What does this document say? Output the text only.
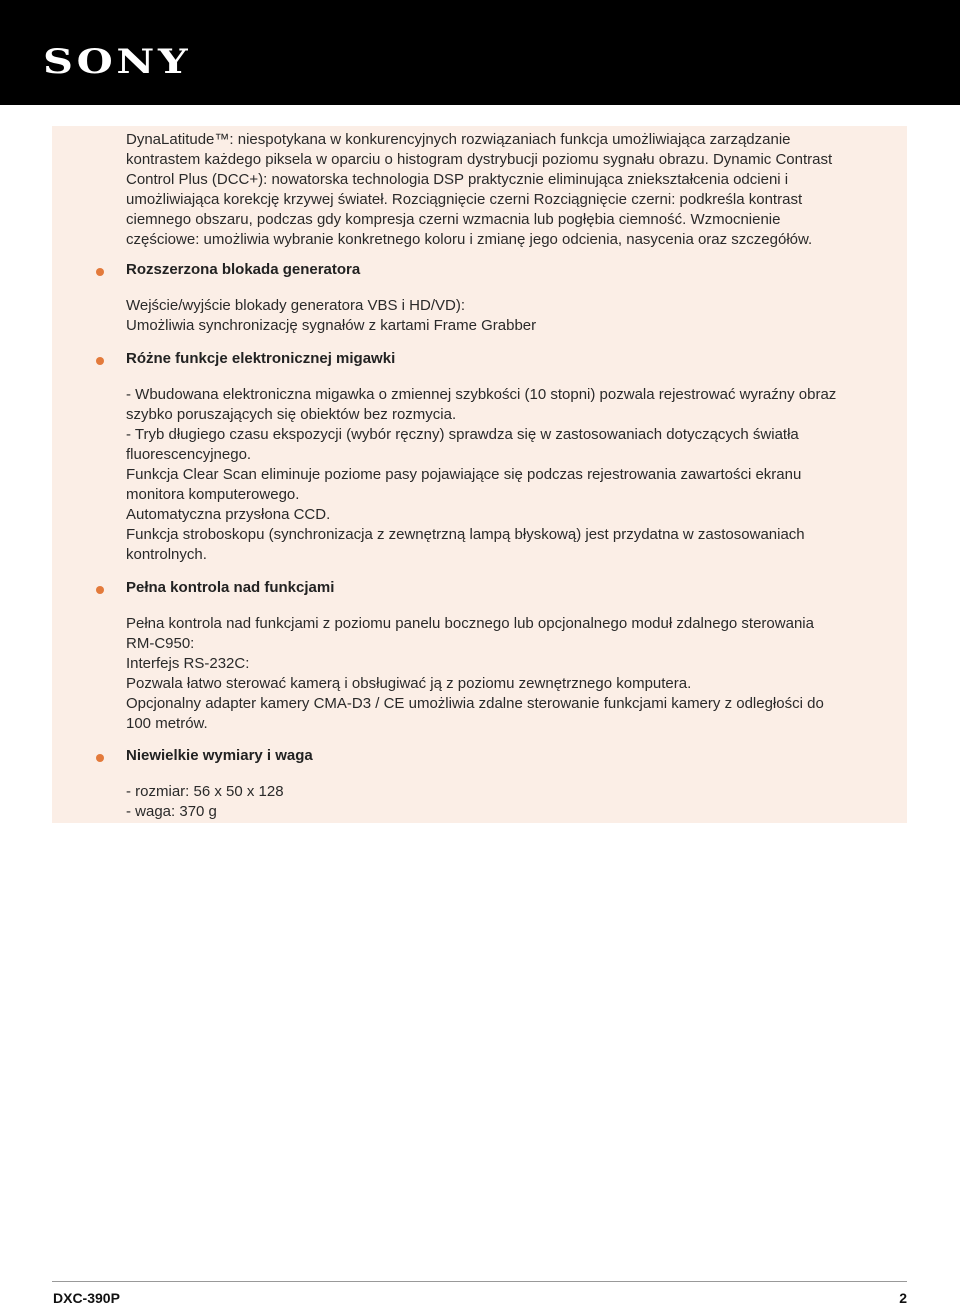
SONY
DynaLatitude™: niespotykana w konkurencyjnych rozwiązaniach funkcja umożliwiająca zarządzanie
kontrastem każdego piksela w oparciu o histogram dystrybucji poziomu sygnału obrazu. Dynamic Contrast
Control Plus (DCC+): nowatorska technologia DSP praktycznie eliminująca zniekształcenia odcieni i
umożliwiająca korekcję krzywej świateł. Rozciągnięcie czerni Rozciągnięcie czerni: podkreśla kontrast
ciemnego obszaru, podczas gdy kompresja czerni wzmacnia lub pogłębia ciemność. Wzmocnienie
częściowe: umożliwia wybranie konkretnego koloru i zmianę jego odcienia, nasycenia oraz szczegółów.
Rozszerzona blokada generatora
Wejście/wyjście blokady generatora VBS i HD/VD):
Umożliwia synchronizację sygnałów z kartami Frame Grabber
Różne funkcje elektronicznej migawki
- Wbudowana elektroniczna migawka o zmiennej szybkości (10 stopni) pozwala rejestrować wyraźny obraz
szybko poruszających się obiektów bez rozmycia.
- Tryb długiego czasu ekspozycji (wybór ręczny) sprawdza się w zastosowaniach dotyczących światła
fluorescencyjnego.
Funkcja Clear Scan eliminuje poziome pasy pojawiające się podczas rejestrowania zawartości ekranu
monitora komputerowego.
Automatyczna przysłona CCD.
Funkcja stroboskopu (synchronizacja z zewnętrzną lampą błyskową) jest przydatna w zastosowaniach
kontrolnych.
Pełna kontrola nad funkcjami
Pełna kontrola nad funkcjami z poziomu panelu bocznego lub opcjonalnego moduł zdalnego sterowania
RM-C950:
Interfejs RS-232C:
Pozwala łatwo sterować kamerą i obsługiwać ją z poziomu zewnętrznego komputera.
Opcjonalny adapter kamery CMA-D3 / CE umożliwia zdalne sterowanie funkcjami kamery z odległości do
100 metrów.
Niewielkie wymiary i waga
- rozmiar: 56 x 50 x 128
- waga: 370 g
DXC-390P	2
